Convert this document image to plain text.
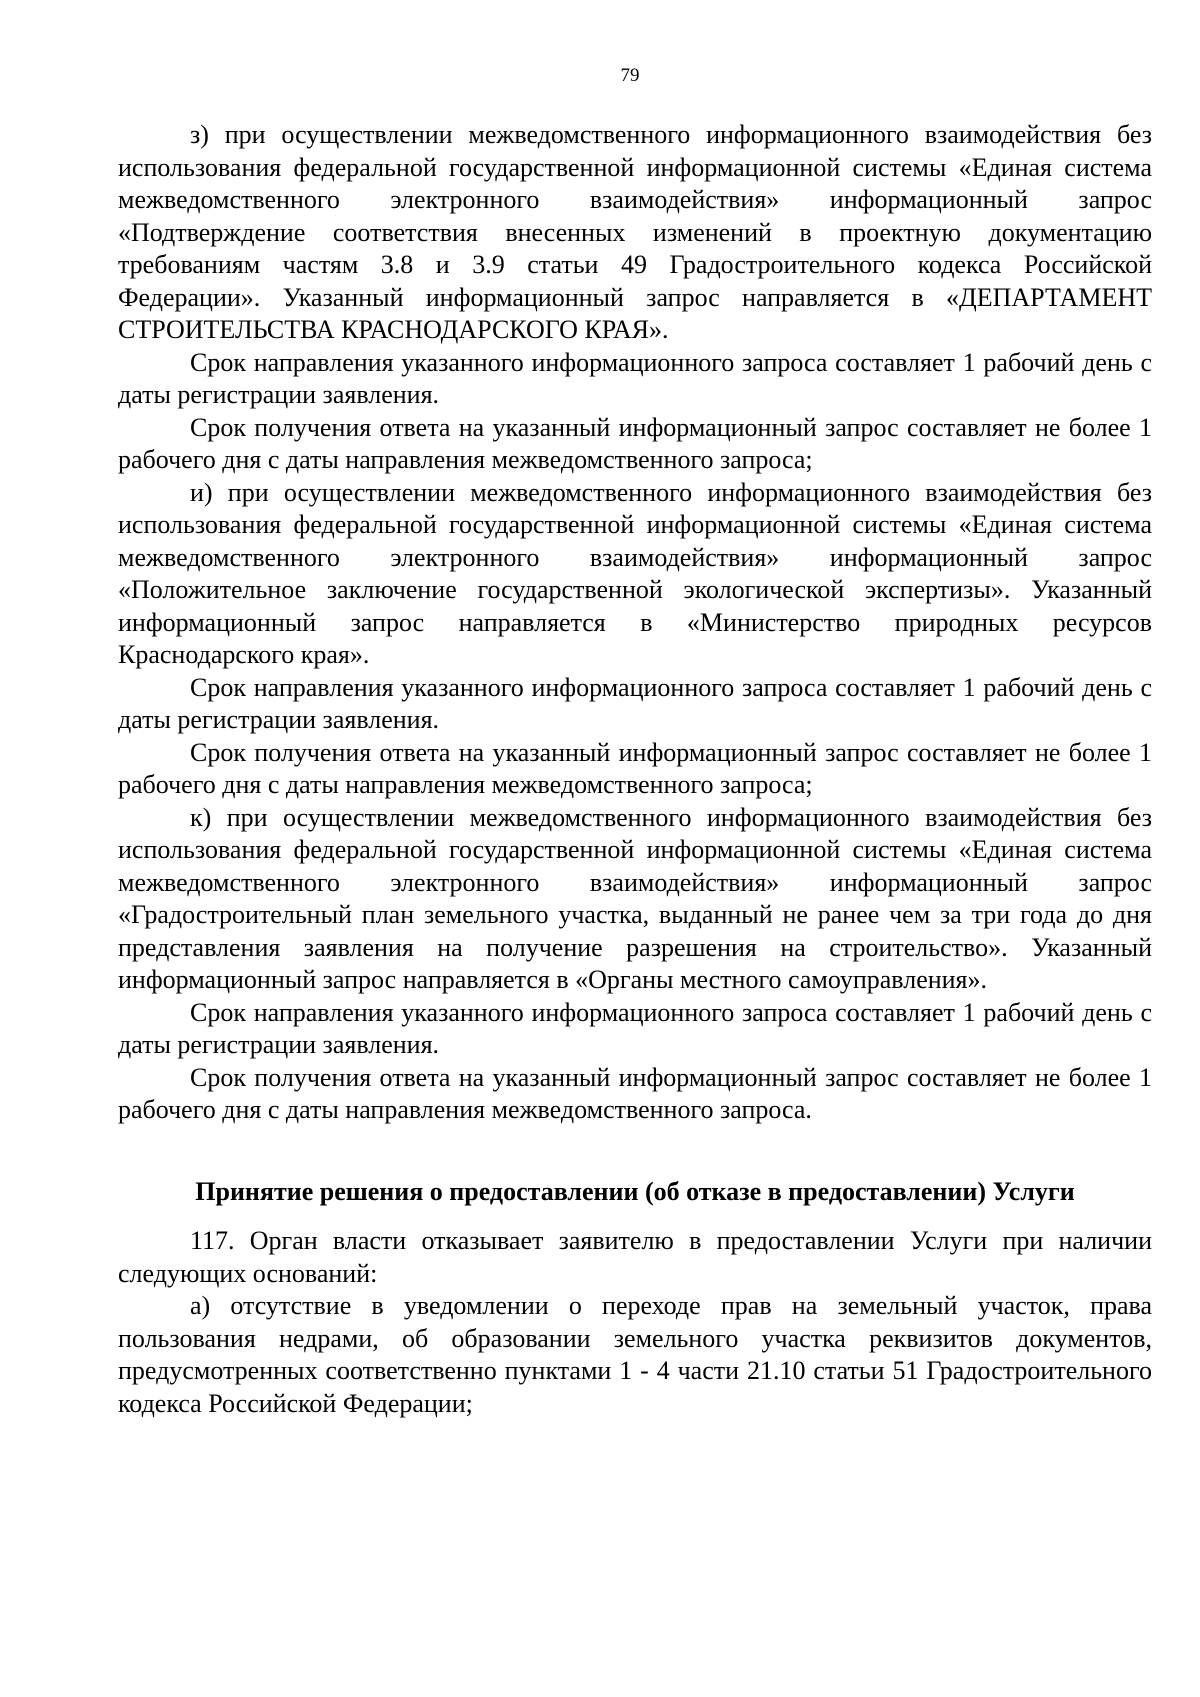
79

з) при осуществлении межведомственного информационного взаимодействия без использования федеральной государственной информационной системы «Единая система межведомственного электронного взаимодействия» информационный запрос «Подтверждение соответствия внесенных изменений в проектную документацию требованиям частям 3.8 и 3.9 статьи 49 Градостроительного кодекса Российской Федерации». Указанный информационный запрос направляется в «ДЕПАРТАМЕНТ СТРОИТЕЛЬСТВА КРАСНОДАРСКОГО КРАЯ».

Срок направления указанного информационного запроса составляет 1 рабочий день с даты регистрации заявления.

Срок получения ответа на указанный информационный запрос составляет не более 1 рабочего дня с даты направления межведомственного запроса;

и) при осуществлении межведомственного информационного взаимодействия без использования федеральной государственной информационной системы «Единая система межведомственного электронного взаимодействия» информационный запрос «Положительное заключение государственной экологической экспертизы». Указанный информационный запрос направляется в «Министерство природных ресурсов Краснодарского края».

Срок направления указанного информационного запроса составляет 1 рабочий день с даты регистрации заявления.

Срок получения ответа на указанный информационный запрос составляет не более 1 рабочего дня с даты направления межведомственного запроса;

к) при осуществлении межведомственного информационного взаимодействия без использования федеральной государственной информационной системы «Единая система межведомственного электронного взаимодействия» информационный запрос «Градостроительный план земельного участка, выданный не ранее чем за три года до дня представления заявления на получение разрешения на строительство». Указанный информационный запрос направляется в «Органы местного самоуправления».

Срок направления указанного информационного запроса составляет 1 рабочий день с даты регистрации заявления.

Срок получения ответа на указанный информационный запрос составляет не более 1 рабочего дня с даты направления межведомственного запроса.

Принятие решения о предоставлении (об отказе в предоставлении) Услуги

117. Орган власти отказывает заявителю в предоставлении Услуги при наличии следующих оснований:

а) отсутствие в уведомлении о переходе прав на земельный участок, права пользования недрами, об образовании земельного участка реквизитов документов, предусмотренных соответственно пунктами 1 - 4 части 21.10 статьи 51 Градостроительного кодекса Российской Федерации;
